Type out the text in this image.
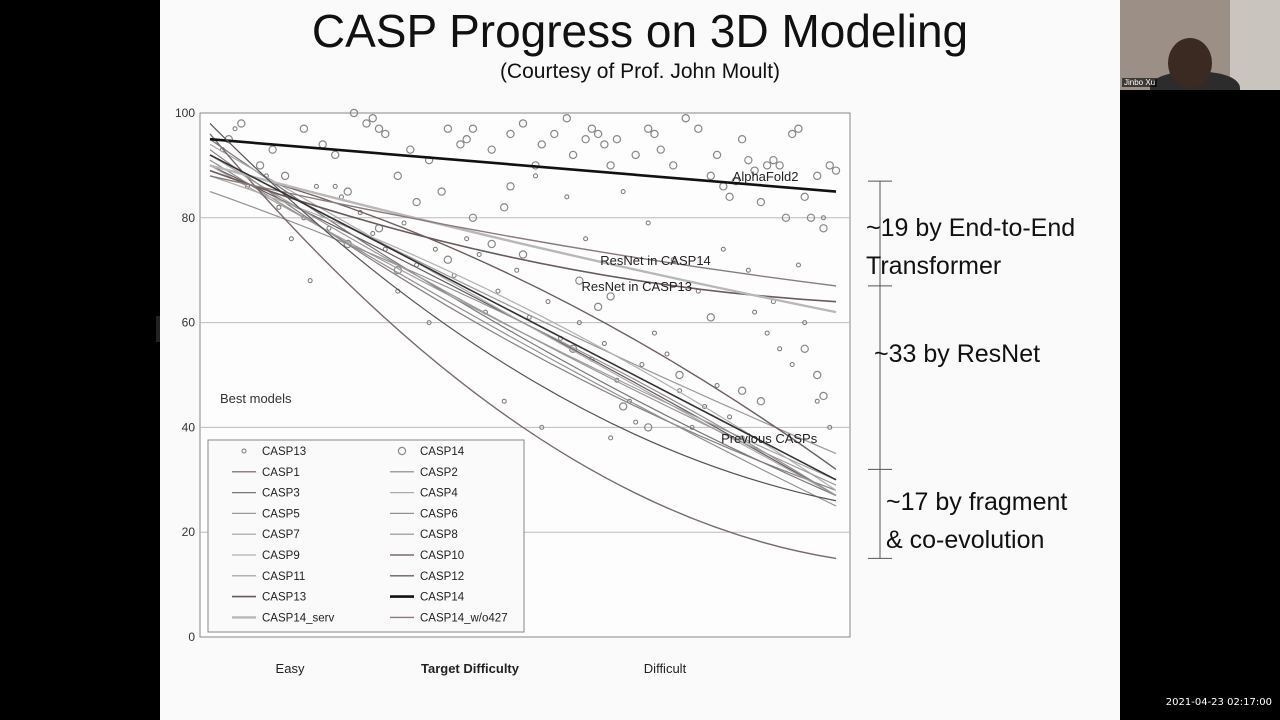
CASP Progress on 3D Modeling
(Courtesy of Prof. John Moult)
0
20
40
60
80
100
Easy	Target Difficulty	Difficult
CASP13	CASP14
CASP1	CASP2
CASP3	CASP4
CASP5	CASP6
CASP7	CASP8
CASP9	CASP10
CASP11	CASP12
CASP13	CASP14
CASP14_serv	CASP14_w/o427
Best models
AlphaFold2
ResNet in CASP14
ResNet in CASP13
Previous CASPs
~19 by End-to-End
Transformer
~33 by ResNet
~17 by fragment
& co-evolution
Jinbo Xu
2021-04-23 02:17:00
